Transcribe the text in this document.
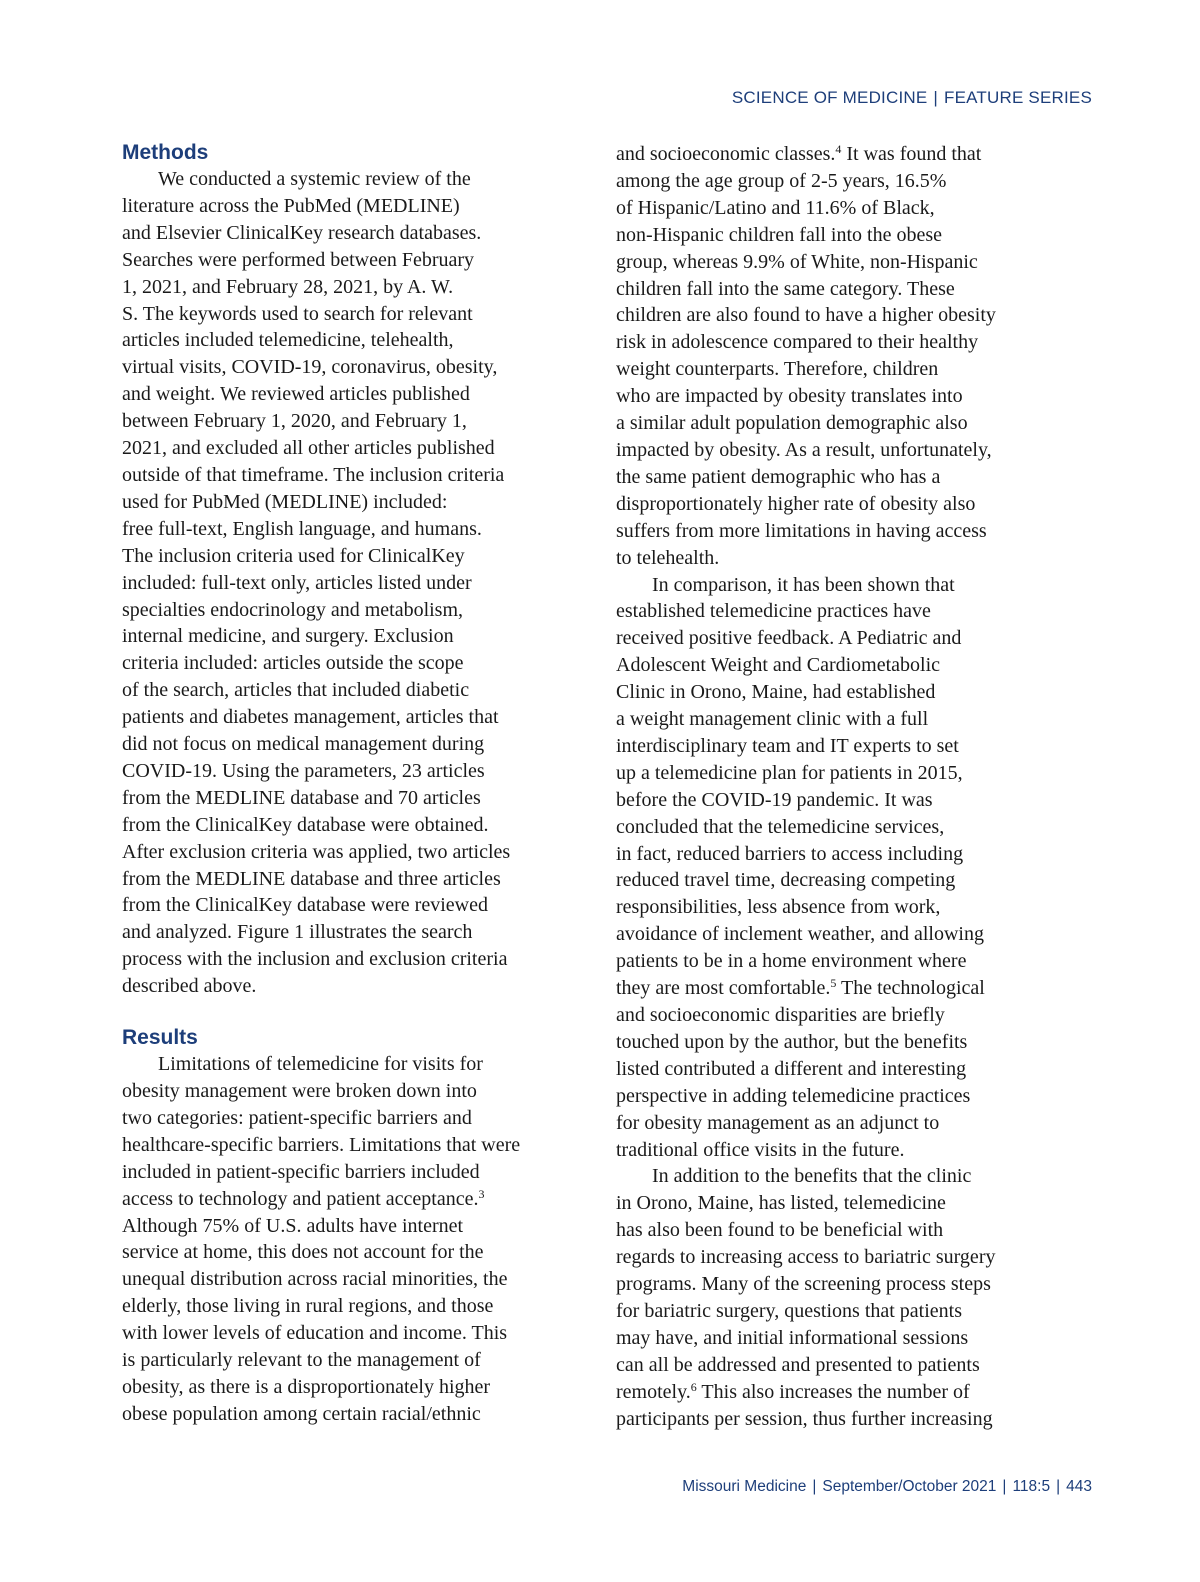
SCIENCE OF MEDICINE | FEATURE SERIES
Methods

We conducted a systemic review of the
literature across the PubMed (MEDLINE)
and Elsevier ClinicalKey research databases.
Searches were performed between February
1, 2021, and February 28, 2021, by A. W.
S. The keywords used to search for relevant
articles included telemedicine, telehealth,
virtual visits, COVID-19, coronavirus, obesity,
and weight. We reviewed articles published
between February 1, 2020, and February 1,
2021, and excluded all other articles published
outside of that timeframe. The inclusion criteria
used for PubMed (MEDLINE) included:
free full-text, English language, and humans.
The inclusion criteria used for ClinicalKey
included: full-text only, articles listed under
specialties endocrinology and metabolism,
internal medicine, and surgery. Exclusion
criteria included: articles outside the scope
of the search, articles that included diabetic
patients and diabetes management, articles that
did not focus on medical management during
COVID-19. Using the parameters, 23 articles
from the MEDLINE database and 70 articles
from the ClinicalKey database were obtained.
After exclusion criteria was applied, two articles
from the MEDLINE database and three articles
from the ClinicalKey database were reviewed
and analyzed. Figure 1 illustrates the search
process with the inclusion and exclusion criteria
described above.

Results

Limitations of telemedicine for visits for
obesity management were broken down into
two categories: patient-specific barriers and
healthcare-specific barriers. Limitations that were
included in patient-specific barriers included
access to technology and patient acceptance.$^3$
Although 75% of U.S. adults have internet
service at home, this does not account for the
unequal distribution across racial minorities, the
elderly, those living in rural regions, and those
with lower levels of education and income. This
is particularly relevant to the management of
obesity, as there is a disproportionately higher
obese population among certain racial/ethnic

and socioeconomic classes.$^4$ It was found that
among the age group of 2-5 years, 16.5%
of Hispanic/Latino and 11.6% of Black,
non-Hispanic children fall into the obese
group, whereas 9.9% of White, non-Hispanic
children fall into the same category. These
children are also found to have a higher obesity
risk in adolescence compared to their healthy
weight counterparts. Therefore, children
who are impacted by obesity translates into
a similar adult population demographic also
impacted by obesity. As a result, unfortunately,
the same patient demographic who has a
disproportionately higher rate of obesity also
suffers from more limitations in having access
to telehealth.

In comparison, it has been shown that
established telemedicine practices have
received positive feedback. A Pediatric and
Adolescent Weight and Cardiometabolic
Clinic in Orono, Maine, had established
a weight management clinic with a full
interdisciplinary team and IT experts to set
up a telemedicine plan for patients in 2015,
before the COVID-19 pandemic. It was
concluded that the telemedicine services,
in fact, reduced barriers to access including
reduced travel time, decreasing competing
responsibilities, less absence from work,
avoidance of inclement weather, and allowing
patients to be in a home environment where
they are most comfortable.$^5$ The technological
and socioeconomic disparities are briefly
touched upon by the author, but the benefits
listed contributed a different and interesting
perspective in adding telemedicine practices
for obesity management as an adjunct to
traditional office visits in the future.

In addition to the benefits that the clinic
in Orono, Maine, has listed, telemedicine
has also been found to be beneficial with
regards to increasing access to bariatric surgery
programs. Many of the screening process steps
for bariatric surgery, questions that patients
may have, and initial informational sessions
can all be addressed and presented to patients
remotely.$^6$ This also increases the number of
participants per session, thus further increasing

Missouri Medicine | September/October 2021 | 118:5 | 443
